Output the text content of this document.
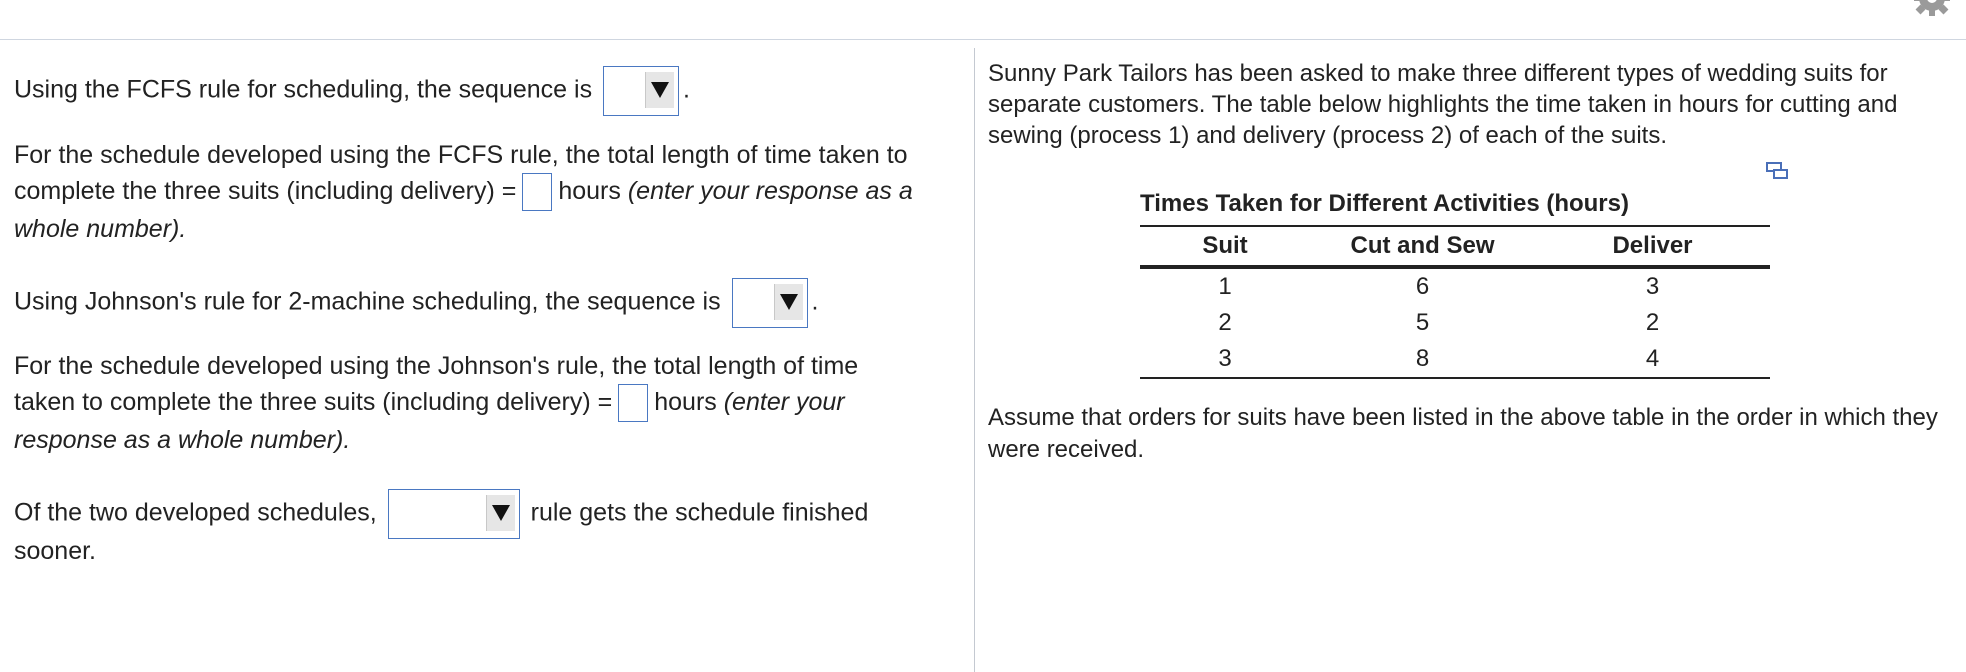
Using the FCFS rule for scheduling, the sequence is	.
For the schedule developed using the FCFS rule, the total length of time taken to
complete the three suits (including delivery) = hours (enter your response as a
whole number).
Using Johnson's rule for 2-machine scheduling, the sequence is	.
For the schedule developed using the Johnson's rule, the total length of time
taken to complete the three suits (including delivery) = hours (enter your
response as a whole number).
Of the two developed schedules,	rule gets the schedule finished
sooner.
Sunny Park Tailors has been asked to make three different types of wedding suits for separate customers. The table below highlights the time taken in hours for cutting and sewing (process 1) and delivery (process 2) of each of the suits.
Times Taken for Different Activities (hours)
Suit	Cut and Sew	Deliver
1	6	3
2	5	2
3	8	4
Assume that orders for suits have been listed in the above table in the order in which they were received.
